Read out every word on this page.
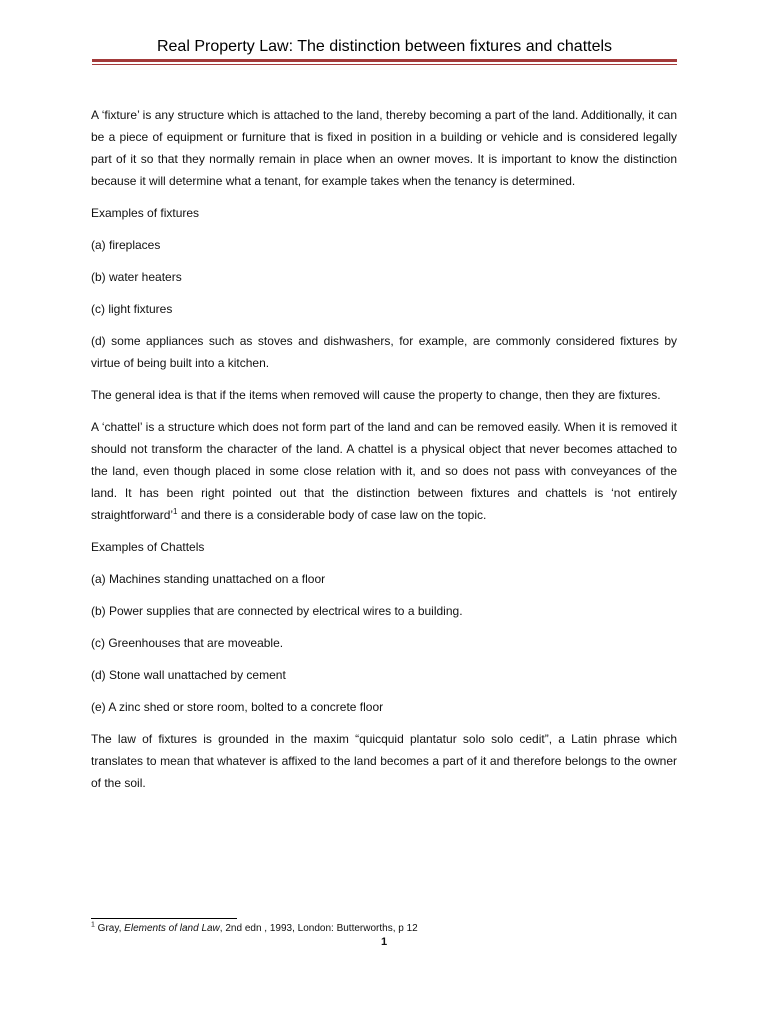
Real Property Law: The distinction between fixtures and chattels

A ‘fixture’ is any structure which is attached to the land, thereby becoming a part of the land. Additionally, it can be a piece of equipment or furniture that is fixed in position in a building or vehicle and is considered legally part of it so that they normally remain in place when an owner moves. It is important to know the distinction because it will determine what a tenant, for example takes when the tenancy is determined.

Examples of fixtures

(a) fireplaces

(b) water heaters

(c) light fixtures

(d) some appliances such as stoves and dishwashers, for example, are commonly considered fixtures by virtue of being built into a kitchen.

The general idea is that if the items when removed will cause the property to change, then they are fixtures.

A ‘chattel’ is a structure which does not form part of the land and can be removed easily. When it is removed it should not transform the character of the land. A chattel is a physical object that never becomes attached to the land, even though placed in some close relation with it, and so does not pass with conveyances of the land. It has been right pointed out that the distinction between fixtures and chattels is ‘not entirely straightforward’$^1$ and there is a considerable body of case law on the topic.

Examples of Chattels

(a) Machines standing unattached on a floor

(b) Power supplies that are connected by electrical wires to a building.

(c) Greenhouses that are moveable.

(d) Stone wall unattached by cement

(e) A zinc shed or store room, bolted to a concrete floor

The law of fixtures is grounded in the maxim “quicquid plantatur solo solo cedit”, a Latin phrase which translates to mean that whatever is affixed to the land becomes a part of it and therefore belongs to the owner of the soil.

$^1$ Gray, Elements of land Law, 2nd edn , 1993, London: Butterworths, p 12
1
